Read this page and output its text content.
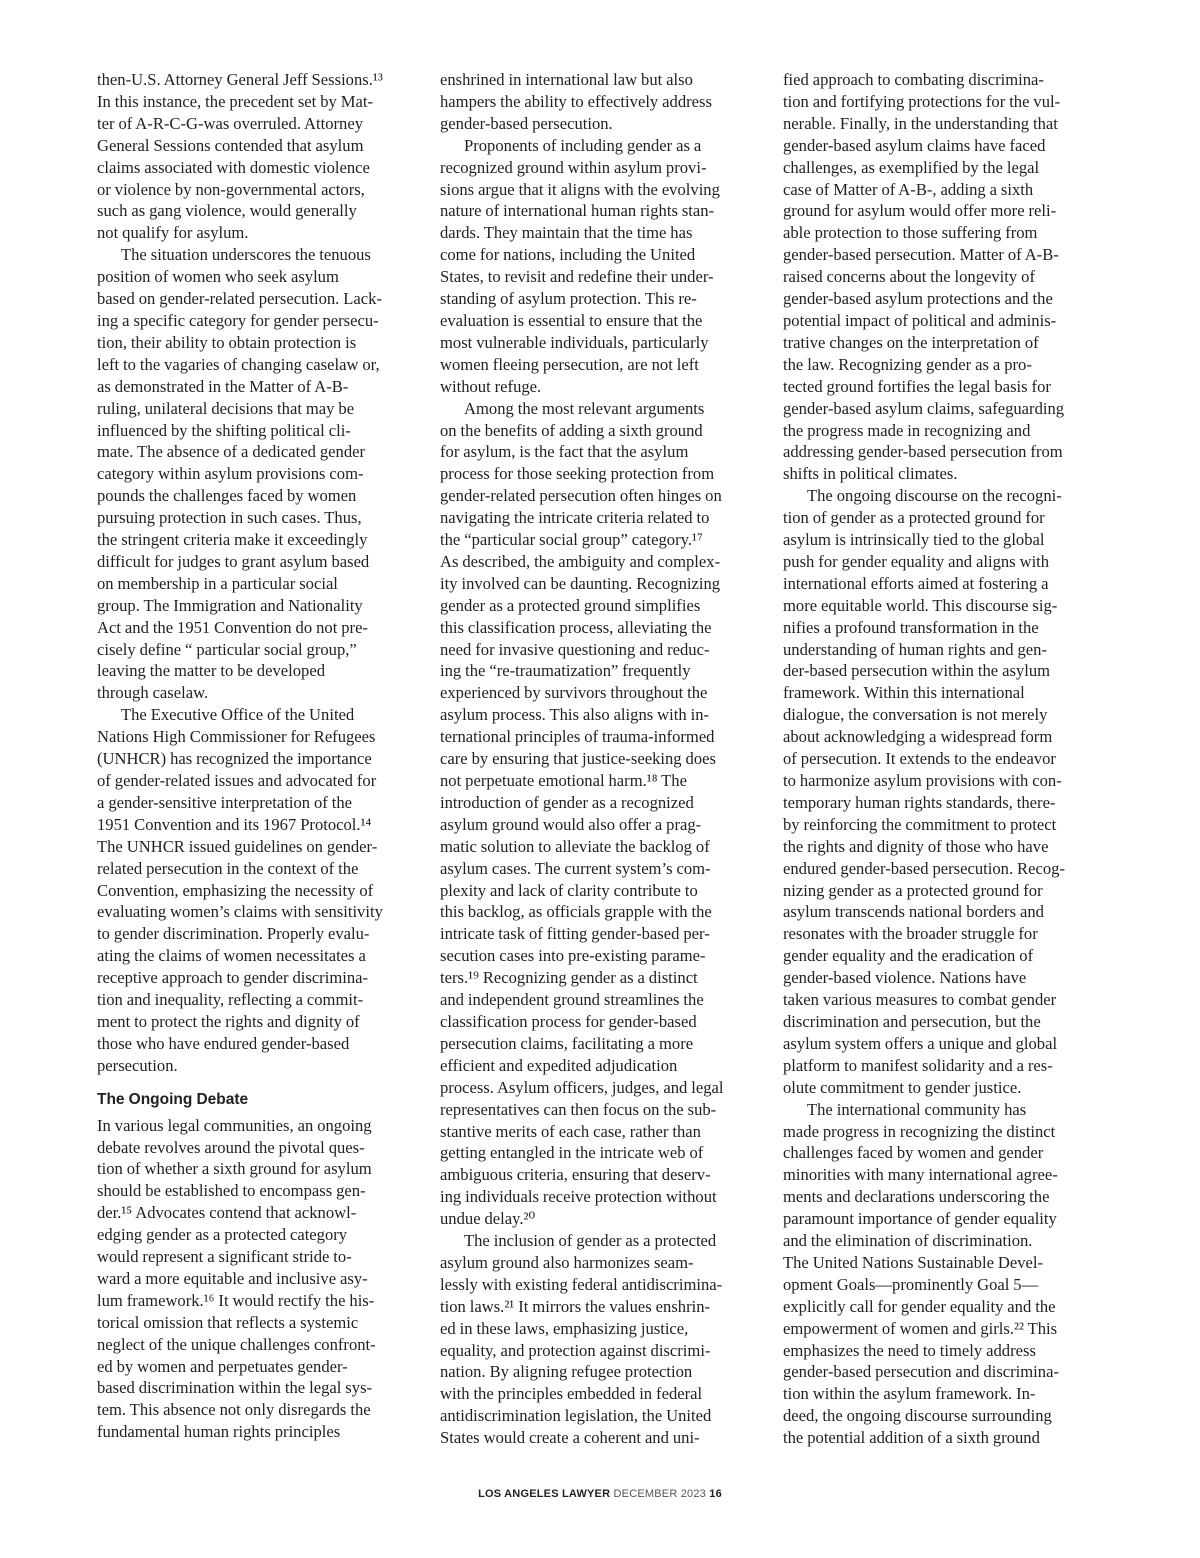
then-U.S. Attorney General Jeff Sessions.¹³
In this instance, the precedent set by Mat-
ter of A-R-C-G-was overruled. Attorney
General Sessions contended that asylum
claims associated with domestic violence
or violence by non-governmental actors,
such as gang violence, would generally
not qualify for asylum.
The situation underscores the tenuous
position of women who seek asylum
based on gender-related persecution. Lack-
ing a specific category for gender persecu-
tion, their ability to obtain protection is
left to the vagaries of changing caselaw or,
as demonstrated in the Matter of A-B-
ruling, unilateral decisions that may be
influenced by the shifting political cli-
mate. The absence of a dedicated gender
category within asylum provisions com-
pounds the challenges faced by women
pursuing protection in such cases. Thus,
the stringent criteria make it exceedingly
difficult for judges to grant asylum based
on membership in a particular social
group. The Immigration and Nationality
Act and the 1951 Convention do not pre-
cisely define “ particular social group,”
leaving the matter to be developed
through caselaw.
The Executive Office of the United
Nations High Commissioner for Refugees
(UNHCR) has recognized the importance
of gender-related issues and advocated for
a gender-sensitive interpretation of the
1951 Convention and its 1967 Protocol.¹⁴
The UNHCR issued guidelines on gender-
related persecution in the context of the
Convention, emphasizing the necessity of
evaluating women’s claims with sensitivity
to gender discrimination. Properly evalu-
ating the claims of women necessitates a
receptive approach to gender discrimina-
tion and inequality, reflecting a commit-
ment to protect the rights and dignity of
those who have endured gender-based
persecution.
The Ongoing Debate
In various legal communities, an ongoing
debate revolves around the pivotal ques-
tion of whether a sixth ground for asylum
should be established to encompass gen-
der.¹⁵ Advocates contend that acknowl-
edging gender as a protected category
would represent a significant stride to-
ward a more equitable and inclusive asy-
lum framework.¹⁶ It would rectify the his-
torical omission that reflects a systemic
neglect of the unique challenges confront-
ed by women and perpetuates gender-
based discrimination within the legal sys-
tem. This absence not only disregards the
fundamental human rights principles
enshrined in international law but also
hampers the ability to effectively address
gender-based persecution.
Proponents of including gender as a
recognized ground within asylum provi-
sions argue that it aligns with the evolving
nature of international human rights stan-
dards. They maintain that the time has
come for nations, including the United
States, to revisit and redefine their under-
standing of asylum protection. This re-
evaluation is essential to ensure that the
most vulnerable individuals, particularly
women fleeing persecution, are not left
without refuge.
Among the most relevant arguments
on the benefits of adding a sixth ground
for asylum, is the fact that the asylum
process for those seeking protection from
gender-related persecution often hinges on
navigating the intricate criteria related to
the “particular social group” category.¹⁷
As described, the ambiguity and complex-
ity involved can be daunting. Recognizing
gender as a protected ground simplifies
this classification process, alleviating the
need for invasive questioning and reduc-
ing the “re-traumatization” frequently
experienced by survivors throughout the
asylum process. This also aligns with in-
ternational principles of trauma-informed
care by ensuring that justice-seeking does
not perpetuate emotional harm.¹⁸ The
introduction of gender as a recognized
asylum ground would also offer a prag-
matic solution to alleviate the backlog of
asylum cases. The current system’s com-
plexity and lack of clarity contribute to
this backlog, as officials grapple with the
intricate task of fitting gender-based per-
secution cases into pre-existing parame-
ters.¹⁹ Recognizing gender as a distinct
and independent ground streamlines the
classification process for gender-based
persecution claims, facilitating a more
efficient and expedited adjudication
process. Asylum officers, judges, and legal
representatives can then focus on the sub-
stantive merits of each case, rather than
getting entangled in the intricate web of
ambiguous criteria, ensuring that deserv-
ing individuals receive protection without
undue delay.²⁰
The inclusion of gender as a protected
asylum ground also harmonizes seam-
lessly with existing federal antidiscrimina-
tion laws.²¹ It mirrors the values enshrin-
ed in these laws, emphasizing justice,
equality, and protection against discrimi-
nation. By aligning refugee protection
with the principles embedded in federal
antidiscrimination legislation, the United
States would create a coherent and uni-
fied approach to combating discrimina-
tion and fortifying protections for the vul-
nerable. Finally, in the understanding that
gender-based asylum claims have faced
challenges, as exemplified by the legal
case of Matter of A-B-, adding a sixth
ground for asylum would offer more reli-
able protection to those suffering from
gender-based persecution. Matter of A-B-
raised concerns about the longevity of
gender-based asylum protections and the
potential impact of political and adminis-
trative changes on the interpretation of
the law. Recognizing gender as a pro-
tected ground fortifies the legal basis for
gender-based asylum claims, safeguarding
the progress made in recognizing and
addressing gender-based persecution from
shifts in political climates.
The ongoing discourse on the recogni-
tion of gender as a protected ground for
asylum is intrinsically tied to the global
push for gender equality and aligns with
international efforts aimed at fostering a
more equitable world. This discourse sig-
nifies a profound transformation in the
understanding of human rights and gen-
der-based persecution within the asylum
framework. Within this international
dialogue, the conversation is not merely
about acknowledging a widespread form
of persecution. It extends to the endeavor
to harmonize asylum provisions with con-
temporary human rights standards, there-
by reinforcing the commitment to protect
the rights and dignity of those who have
endured gender-based persecution. Recog-
nizing gender as a protected ground for
asylum transcends national borders and
resonates with the broader struggle for
gender equality and the eradication of
gender-based violence. Nations have
taken various measures to combat gender
discrimination and persecution, but the
asylum system offers a unique and global
platform to manifest solidarity and a res-
olute commitment to gender justice.
The international community has
made progress in recognizing the distinct
challenges faced by women and gender
minorities with many international agree-
ments and declarations underscoring the
paramount importance of gender equality
and the elimination of discrimination.
The United Nations Sustainable Devel-
opment Goals—prominently Goal 5—
explicitly call for gender equality and the
empowerment of women and girls.²² This
emphasizes the need to timely address
gender-based persecution and discrimina-
tion within the asylum framework. In-
deed, the ongoing discourse surrounding
the potential addition of a sixth ground
LOS ANGELES LAWYER DECEMBER 2023 16
